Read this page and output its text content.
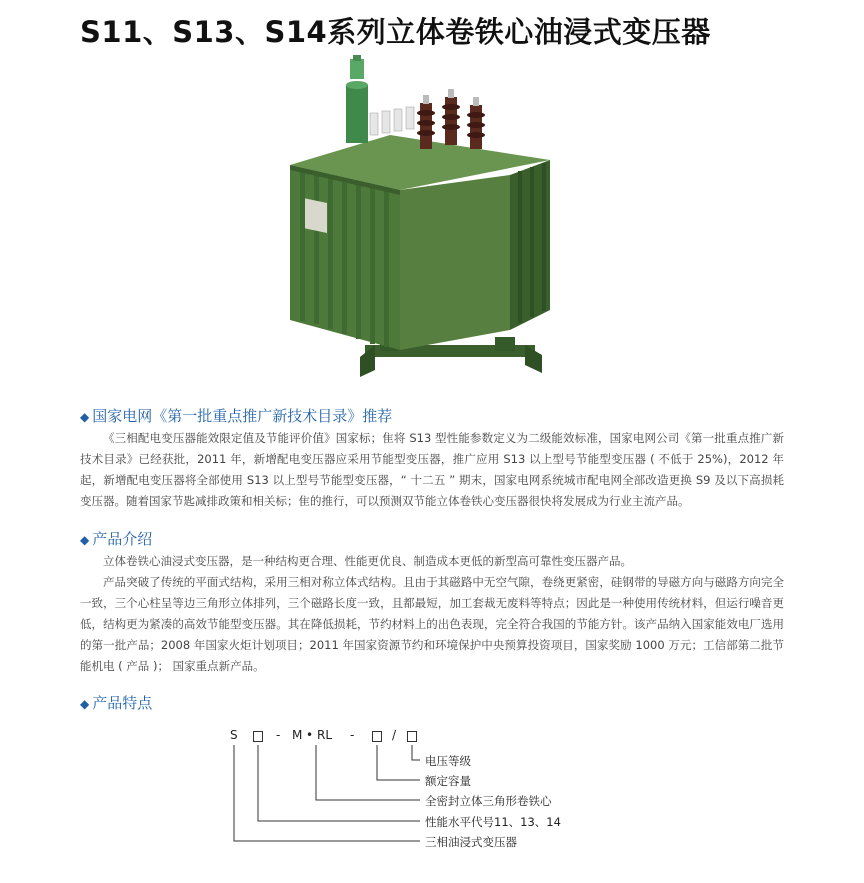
S11、S13、S14系列立体卷铁心油浸式变压器
◆ 国家电网《第一批重点推广新技术目录》推荐

《三相配电变压器能效限定值及节能评价值》国家标；隹将 S13 型性能参数定义为二级能效标准，国家电网公司《第一批重点推广新技术目录》已经获批，2011 年，新增配电变压器应采用节能型变压器，推广应用 S13 以上型号节能型变压器 ( 不低于 25%)，2012 年起，新增配电变压器将全部使用 S13 以上型号节能型变压器，“ 十二五 ” 期末，国家电网系统城市配电网全部改造更换 S9 及以下高损耗变压器。随着国家节匙减排政策和相关标；隹的推行，可以预测双节能立体卷铁心变压器很快将发展成为行业主流产品。

◆ 产品介绍

立体卷铁心油浸式变压器，是一种结构更合理、性能更优良、制造成本更低的新型高可靠性变压器产品。

产品突破了传统的平面式结构，采用三相对称立体式结构。且由于其磁路中无空气隙，卷绕更紧密，硅钢带的导磁方向与磁路方向完全一致，三个心柱呈等边三角形立体排列，三个磁路长度一致，且都最短，加工套裁无废料等特点；因此是一种使用传统材料，但运行噪音更低，结构更为紧凑的高效节能型变压器。其在降低损耗，节约材料上的出色表现，完全符合我国的节能方针。该产品纳入国家能效电厂选用的第一批产品；2008 年国家火炬计划项目；2011 年国家资源节约和环境保护中央预算投资项目，国家奖励 1000 万元；工信部第二批节能机电 ( 产品 )； 国家重点新产品。

◆ 产品特点
S	- M • RL -	/
电压等级
额定容量
全密封立体三角形卷铁心
性能水平代号11、13、14
三相油浸式变压器
